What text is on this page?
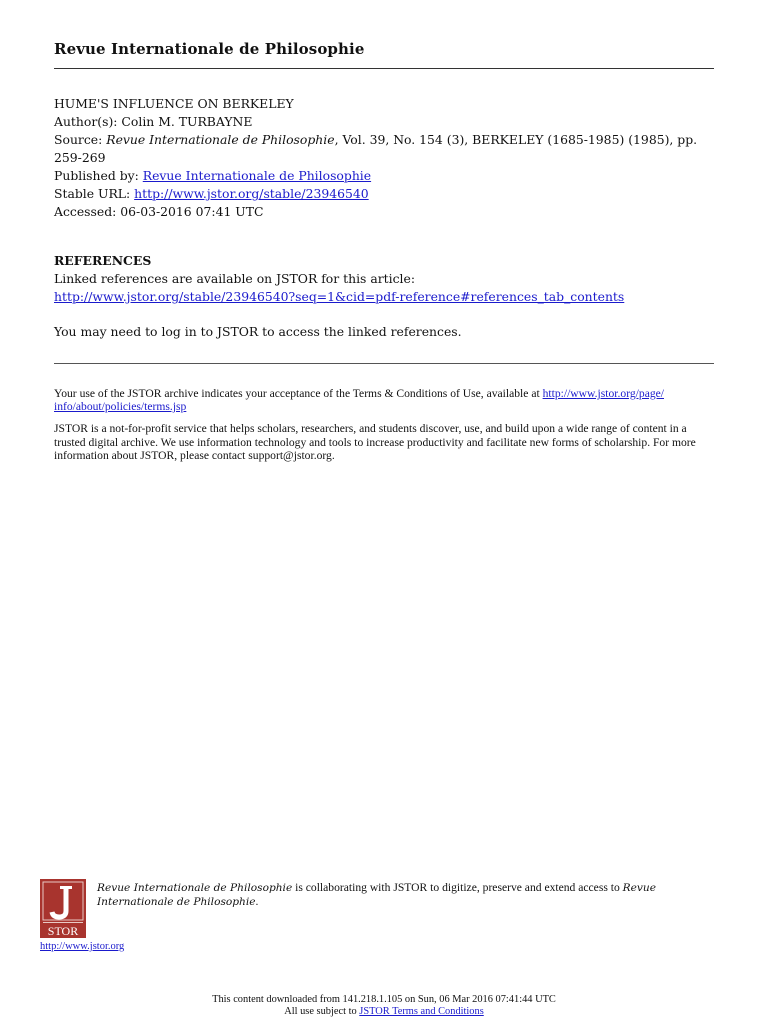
Revue Internationale de Philosophie
HUME'S INFLUENCE ON BERKELEY
Author(s): Colin M. TURBAYNE
Source: Revue Internationale de Philosophie, Vol. 39, No. 154 (3), BERKELEY (1685-1985) (1985), pp. 259-269
Published by: Revue Internationale de Philosophie
Stable URL: http://www.jstor.org/stable/23946540
Accessed: 06-03-2016 07:41 UTC
REFERENCES
Linked references are available on JSTOR for this article:
http://www.jstor.org/stable/23946540?seq=1&cid=pdf-reference#references_tab_contents
You may need to log in to JSTOR to access the linked references.

Your use of the JSTOR archive indicates your acceptance of the Terms & Conditions of Use, available at http://www.jstor.org/page/
info/about/policies/terms.jsp

JSTOR is a not-for-profit service that helps scholars, researchers, and students discover, use, and build upon a wide range of content in a trusted digital archive. We use information technology and tools to increase productivity and facilitate new forms of scholarship. For more information about JSTOR, please contact support@jstor.org.

STOR
http://www.jstor.org
Revue Internationale de Philosophie is collaborating with JSTOR to digitize, preserve and extend access to Revue Internationale de Philosophie.
This content downloaded from 141.218.1.105 on Sun, 06 Mar 2016 07:41:44 UTC
All use subject to JSTOR Terms and Conditions
